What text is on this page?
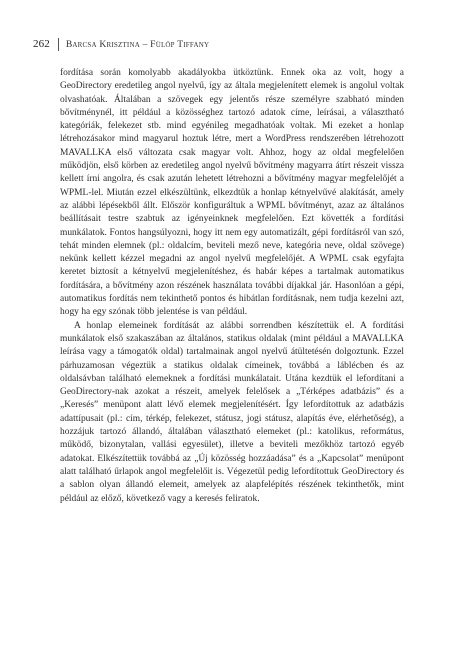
262	Barcsa Krisztina – Fülöp Tiffany

fordítása során komolyabb akadályokba ütköztünk. Ennek oka az volt, hogy a GeoDirectory eredetileg angol nyelvű, így az általa megjelenített elemek is angolul voltak olvashatóak. Általában a szövegek egy jelentős része személyre szabható minden bővítménynél, itt például a közösséghez tartozó adatok címe, leírásai, a választható kategóriák, felekezet stb. mind egyénileg megadhatóak voltak. Mi ezeket a honlap létrehozásakor mind magyarul hoztuk létre, mert a WordPress rendszerében létrehozott MAVALLKA első változata csak magyar volt. Ahhoz, hogy az oldal megfelelően működjön, első körben az eredetileg angol nyelvű bővítmény magyarra átírt részeit vissza kellett írni angolra, és csak azután lehetett létrehozni a bővítmény magyar megfelelőjét a WPML-lel. Miután ezzel elkészültünk, elkezdtük a honlap kétnyelvűvé alakítását, amely az alábbi lépésekből állt. Először konfiguráltuk a WPML bővítményt, azaz az általános beállításait testre szabtuk az igényeinknek megfelelően. Ezt követték a fordítási munkálatok. Fontos hangsúlyozni, hogy itt nem egy automatizált, gépi fordításról van szó, tehát minden elemnek (pl.: oldalcím, beviteli mező neve, kategória neve, oldal szövege) nekünk kellett kézzel megadni az angol nyelvű megfelelőjét. A WPML csak egyfajta keretet biztosít a kétnyelvű megjelenítéshez, és habár képes a tartalmak automatikus fordítására, a bővítmény azon részének használata további díjakkal jár. Hasonlóan a gépi, automatikus fordítás nem tekinthető pontos és hibátlan fordításnak, nem tudja kezelni azt, hogy ha egy szónak több jelentése is van például.

A honlap elemeinek fordítását az alábbi sorrendben készítettük el. A fordítási munkálatok első szakaszában az általános, statikus oldalak (mint például a MAVALLKA leírása vagy a támogatók oldal) tartalmainak angol nyelvű átültetésén dolgoztunk. Ezzel párhuzamosan végeztük a statikus oldalak címeinek, továbbá a láblécben és az oldalsávban található elemeknek a fordítási munkálatait. Utána kezdtük el lefordítani a GeoDirectory-nak azokat a részeit, amelyek felelősek a „Térképes adatbázis” és a „Keresés” menüpont alatt lévő elemek megjelenítésért. Így lefordítottuk az adatbázis adattípusait (pl.: cím, térkép, felekezet, státusz, jogi státusz, alapítás éve, elérhetőség), a hozzájuk tartozó állandó, általában választható elemeket (pl.: katolikus, református, működő, bizonytalan, vallási egyesület), illetve a beviteli mezőkhöz tartozó egyéb adatokat. Elkészítettük továbbá az „Új közösség hozzáadása” és a „Kapcsolat” menüpont alatt található űrlapok angol megfelelőit is. Végezetül pedig lefordítottuk GeoDirectory és a sablon olyan állandó elemeit, amelyek az alapfelépítés részének tekinthetők, mint például az előző, következő vagy a keresés feliratok.
